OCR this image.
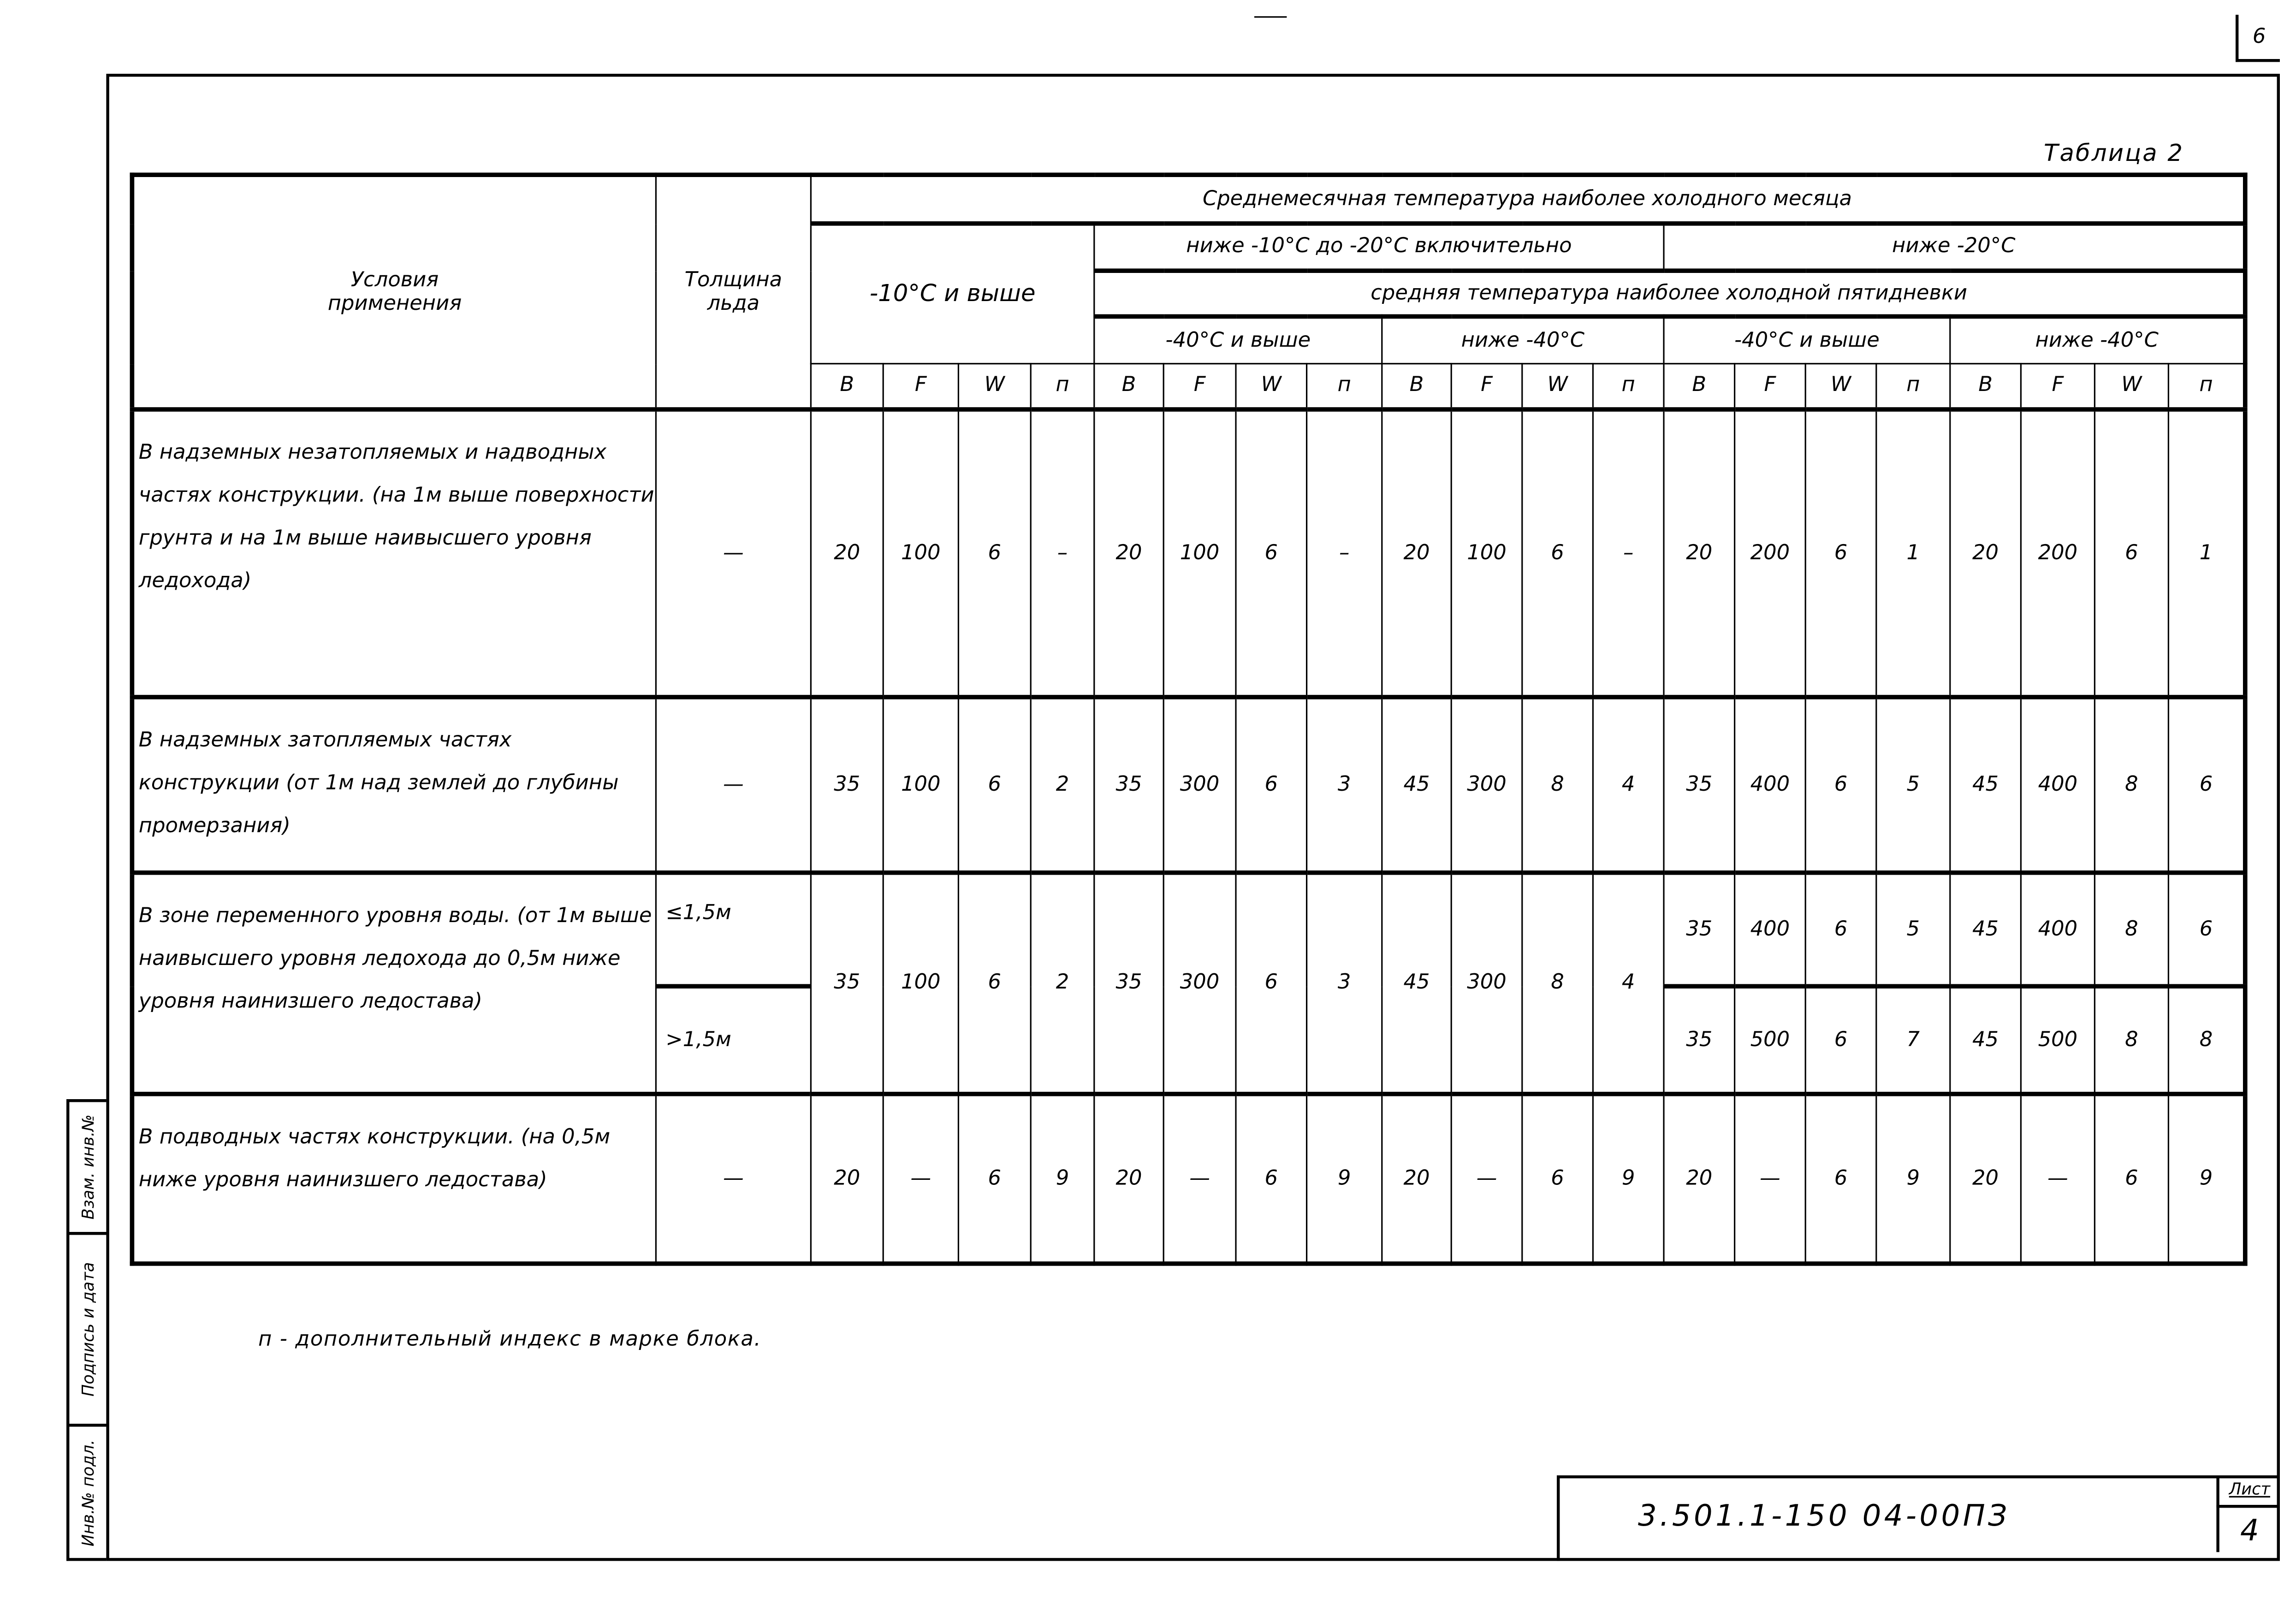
6
Таблица 2
Условия применения	Толщина льда	Среднемесячная температура наиболее холодного месяца																			
		-10°С и выше				ниже -10°С до -20°С включительно								ниже -20°С							
						средняя температура наиболее холодной пятидневки															
						-40°С и выше				ниже -40°С				-40°С и выше				ниже -40°С			
		B	F	W	п	B	F	W	п	B	F	W	п	B	F	W	п	B	F	W	п
В надземных незатопляемых и надводных частях конструкции. (на 1м выше поверхности грунта и на 1м выше наивысшего уровня ледохода)	—	20	100	6	–	20	100	6	–	20	100	6	–	20	200	6	1	20	200	6	1
В надземных затопляемых частях конструкции (от 1м над землей до глубины промерзания)	—	35	100	6	2	35	300	6	3	45	300	8	4	35	400	6	5	45	400	8	6
В зоне переменного уровня воды. (от 1м выше наивысшего уровня ледохода до 0,5м ниже уровня наинизшего ледостава)	≤1,5м	35	100	6	2	35	300	6	3	45	300	8	4	35	400	6	5	45	400	8	6
	>1,5м													35	500	6	7	45	500	8	8
В подводных частях конструкции. (на 0,5м ниже уровня наинизшего ледостава)	—	20	—	6	9	20	—	6	9	20	—	6	9	20	—	6	9	20	—	6	9
п - дополнительный индекс в марке блока.
3.501.1-150 04-00ПЗ
Лист
4
Взам. инв.№
Подпись и дата
Инв.№ подл.
